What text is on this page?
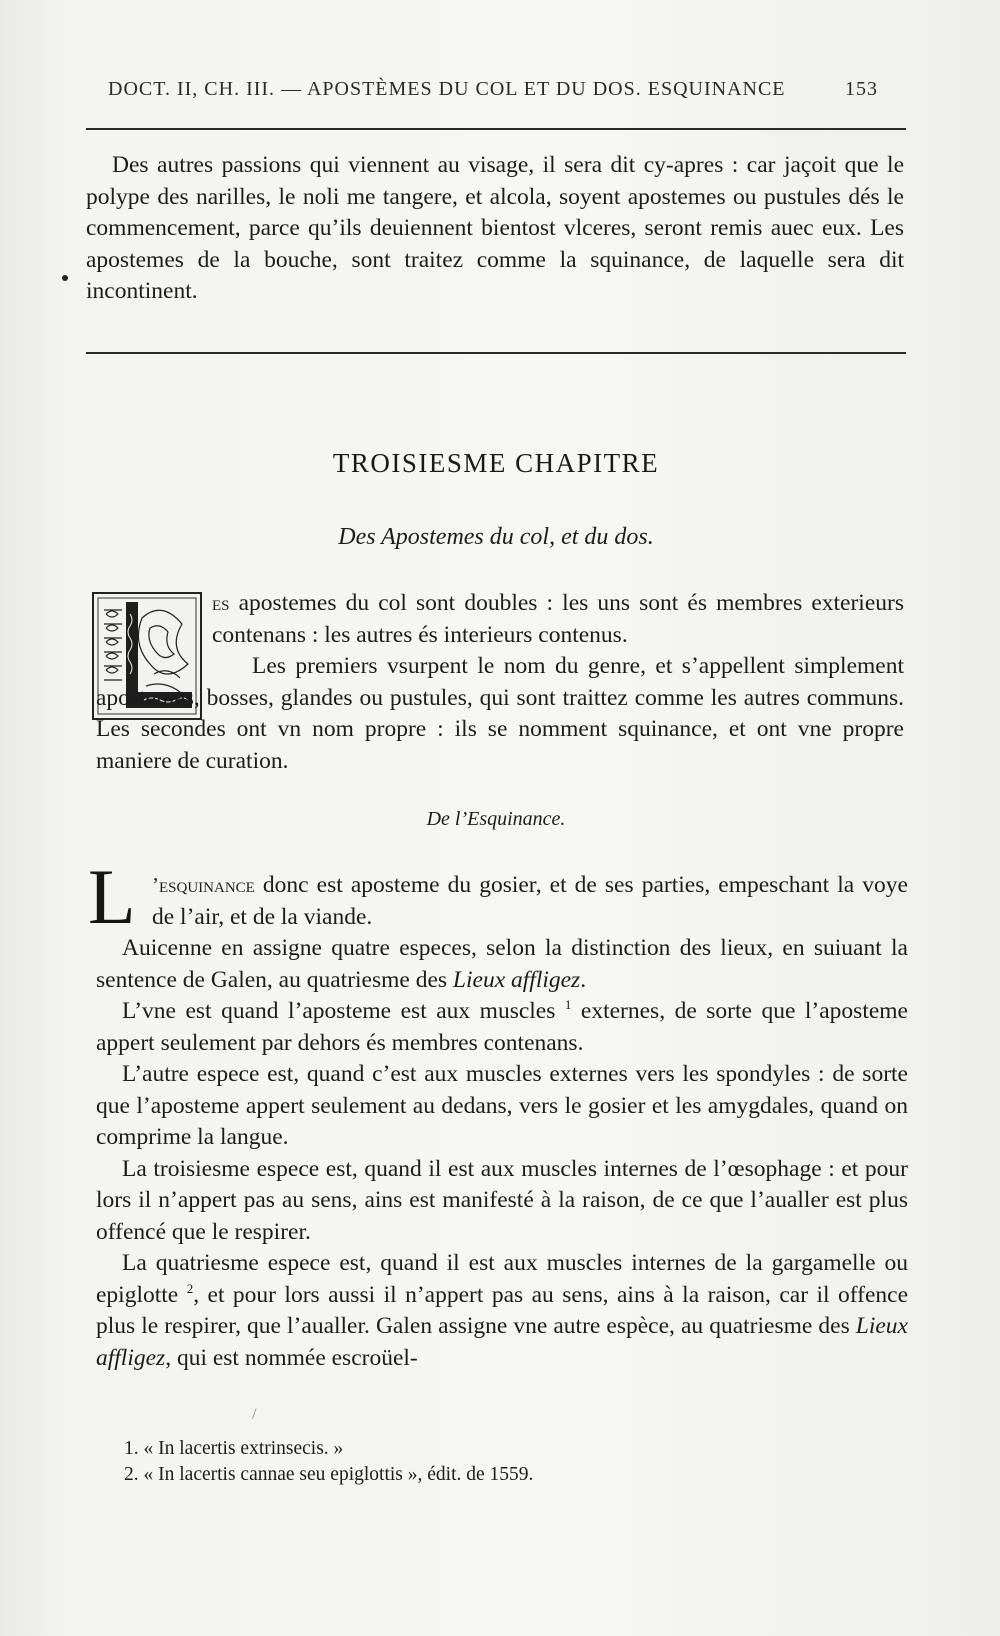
DOCT. II, CH. III. — APOSTÈMES DU COL ET DU DOS. ESQUINANCE	153

Des autres passions qui viennent au visage, il sera dit cy-apres : car jaçoit que le polype des narilles, le noli me tangere, et alcola, soyent apostemes ou pustules dés le commencement, parce qu’ils deuiennent bientost vlceres, seront remis auec eux. Les apostemes de la bouche, sont traitez comme la squinance, de laquelle sera dit incontinent.

TROISIESME CHAPITRE
Des Apostemes du col, et du dos.

es apostemes du col sont doubles : les uns sont és membres exterieurs contenans : les autres és interieurs contenus.

Les premiers vsurpent le nom du genre, et s’appellent simplement apostemes, bosses, glandes ou pustules, qui sont traittez comme les autres communs. Les secondes ont vn nom propre : ils se nomment squinance, et ont vne propre maniere de curation.

De l’Esquinance.
L ’esquinance donc est aposteme du gosier, et de ses parties, empeschant la voye de l’air, et de la viande.

Auicenne en assigne quatre especes, selon la distinction des lieux, en suiuant la sentence de Galen, au quatriesme des Lieux affligez.

L’vne est quand l’aposteme est aux muscles $^1$ externes, de sorte que l’aposteme appert seulement par dehors és membres contenans.

L’autre espece est, quand c’est aux muscles externes vers les spondyles : de sorte que l’aposteme appert seulement au dedans, vers le gosier et les amygdales, quand on comprime la langue.

La troisiesme espece est, quand il est aux muscles internes de l’œsophage : et pour lors il n’appert pas au sens, ains est manifesté à la raison, de ce que l’aualler est plus offencé que le respirer.

La quatriesme espece est, quand il est aux muscles internes de la gargamelle ou epiglotte $^2$, et pour lors aussi il n’appert pas au sens, ains à la raison, car il offence plus le respirer, que l’aualler. Galen assigne vne autre espèce, au quatriesme des Lieux affligez, qui est nommée escroüel-

/

1. « In lacertis extrinsecis. »

2. « In lacertis cannae seu epiglottis », édit. de 1559.
